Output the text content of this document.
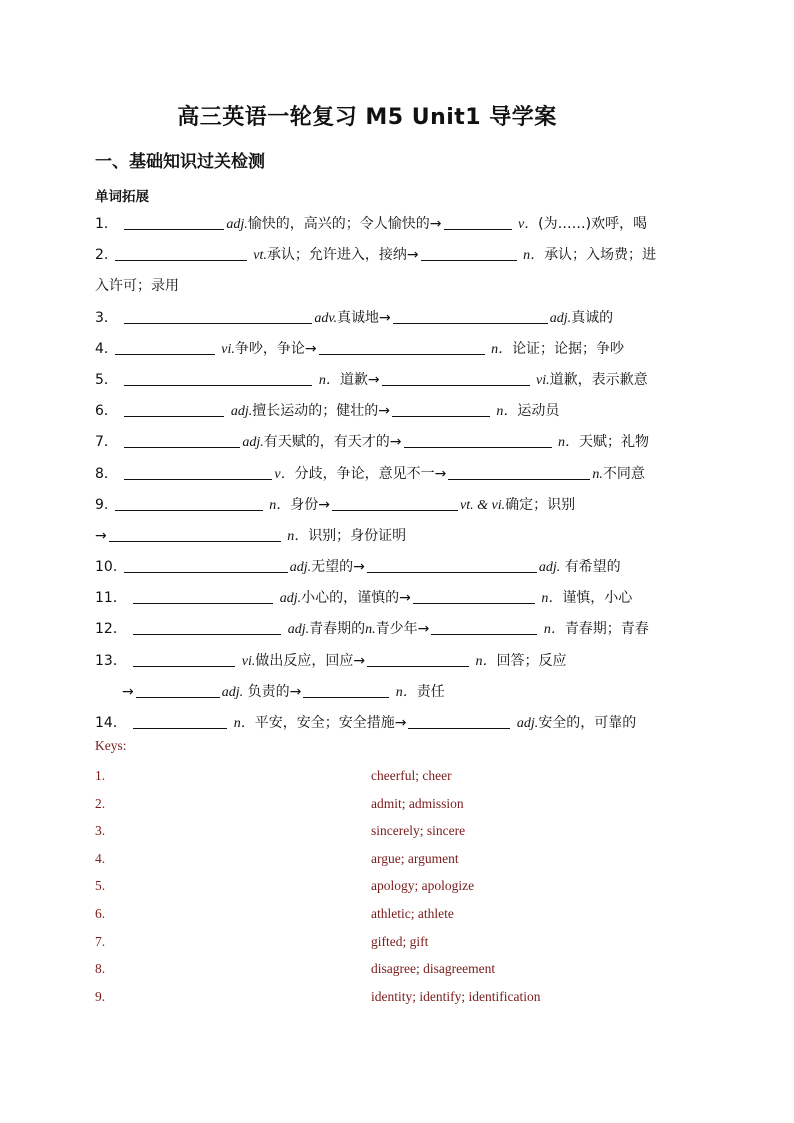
高三英语一轮复习 M5 Unit1 导学案
一、基础知识过关检测
单词拓展
1．	adj.愉快的，高兴的；令人愉快的→	v．(为……)欢呼，喝
2.	vt.承认；允许进入，接纳→	n．承认；入场费；进
入许可；录用
3．	adv.真诚地→	adj.真诚的
4.	vi.争吵，争论→	n．论证；论据；争吵
5．	n．道歉→	vi.道歉，表示歉意
6．	adj.擅长运动的；健壮的→	n．运动员
7．	adj.有天赋的，有天才的→	n．天赋；礼物
8．	v．分歧，争论，意见不一→	n.不同意
9.	n．身份→	vt. & vi.确定；识别
→	n．识别；身份证明
10.	adj.无望的→	adj. 有希望的
11．	adj.小心的，谨慎的→	n．谨慎，小心
12．	adj.青春期的n.青少年→	n．青春期；青春
13．	vi.做出反应，回应→	n．回答；反应
→	adj. 负责的→	n．责任
14．	n．平安，安全；安全措施→	adj.安全的，可靠的
Keys:
1.	cheerful; cheer
2.	admit; admission
3.	sincerely; sincere
4.	argue; argument
5.	apology; apologize
6.	athletic; athlete
7.	gifted; gift
8.	disagree; disagreement
9.	identity; identify; identification
